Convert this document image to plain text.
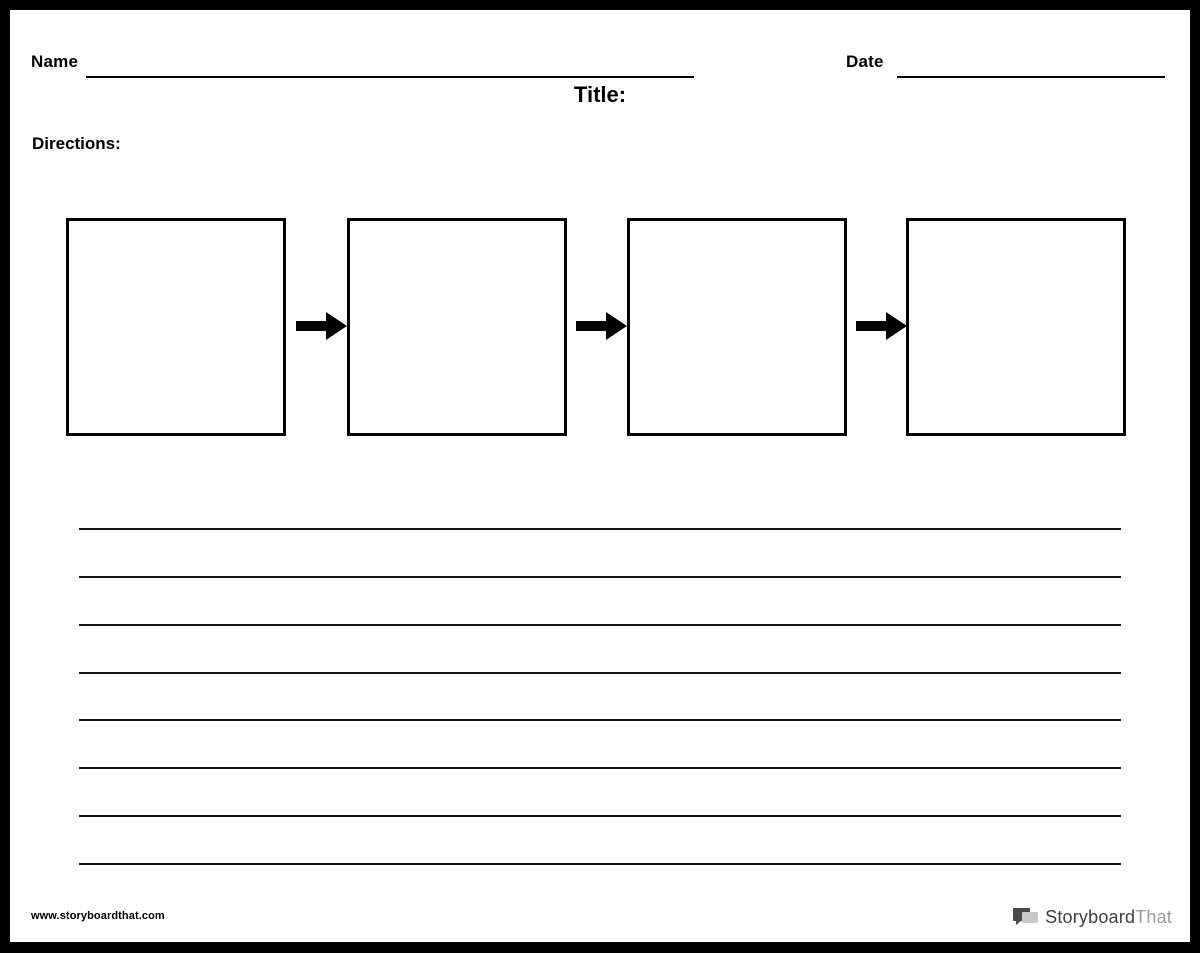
Name	Date
Title:
Directions:
www.storyboardthat.com	StoryboardThat
